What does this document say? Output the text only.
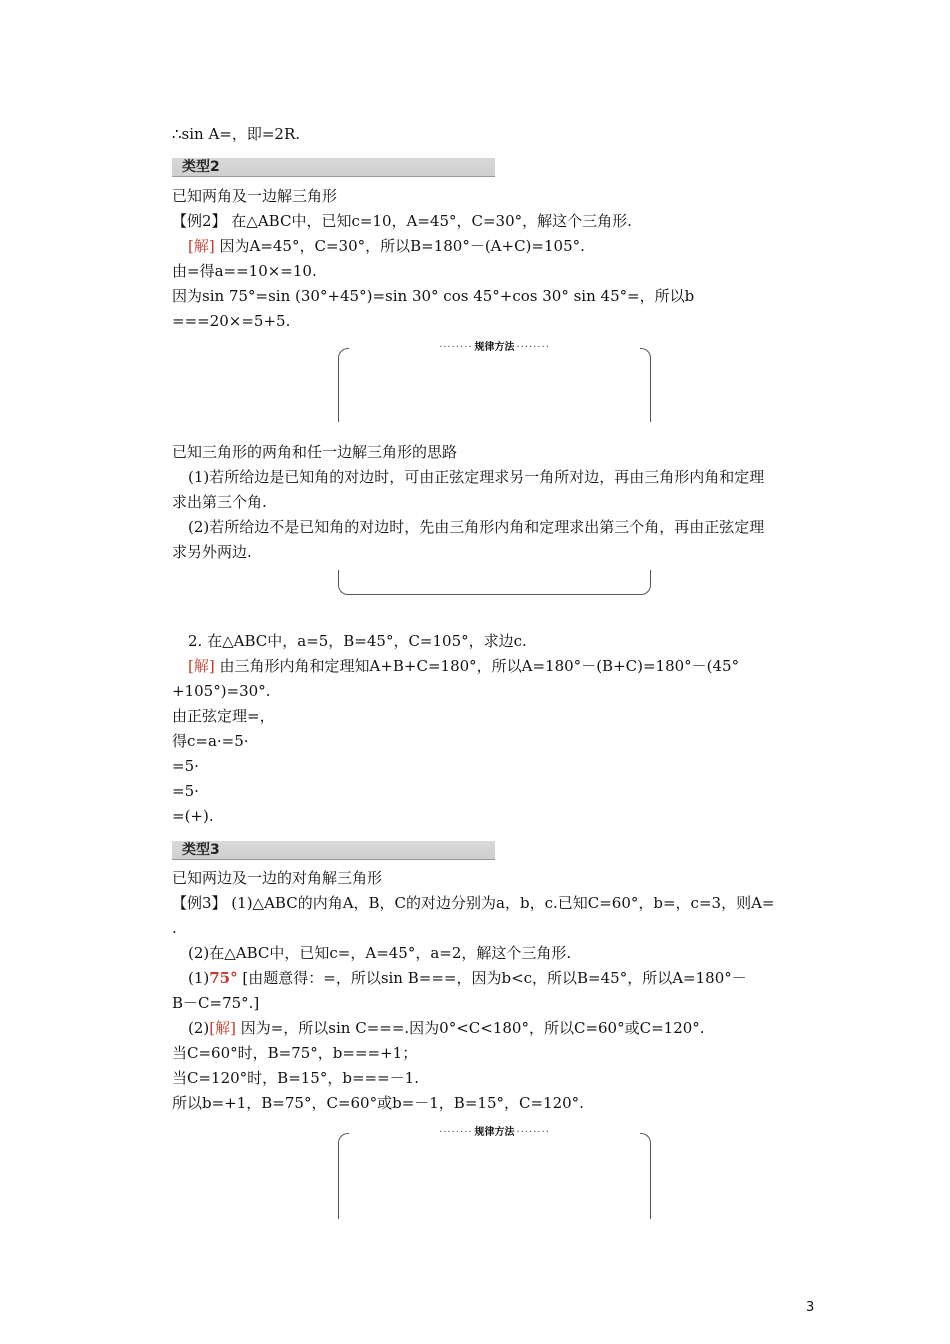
∴sin A=，即=2R.
类型2
已知两角及一边解三角形
【例2】 在△ABC中，已知c=10，A=45°，C=30°，解这个三角形.
[解] 因为A=45°，C=30°，所以B=180°－(A+C)=105°.
由=得a==10×=10.
因为sin 75°=sin (30°+45°)=sin 30° cos 45°+cos 30° sin 45°=，所以b
===20×=5+5.
········ 规律方法 ········
已知三角形的两角和任一边解三角形的思路
(1)若所给边是已知角的对边时，可由正弦定理求另一角所对边，再由三角形内角和定理
求出第三个角.
(2)若所给边不是已知角的对边时，先由三角形内角和定理求出第三个角，再由正弦定理
求另外两边.
2. 在△ABC中，a=5，B=45°，C=105°，求边c.
[解] 由三角形内角和定理知A+B+C=180°，所以A=180°－(B+C)=180°－(45°
+105°)=30°.
由正弦定理=，
得c=a·=5·
=5·
=5·
=(+).
类型3
已知两边及一边的对角解三角形
【例3】 (1)△ABC的内角A，B，C的对边分别为a，b，c.已知C=60°，b=，c=3，则A=
.
(2)在△ABC中，已知c=，A=45°，a=2，解这个三角形.
(1)75° [由题意得：=，所以sin B===，因为b<c，所以B=45°，所以A=180°－
B－C=75°.]
(2)[解] 因为=，所以sin C===.因为0°<C<180°，所以C=60°或C=120°.
当C=60°时，B=75°，b===+1；
当C=120°时，B=15°，b===－1.
所以b=+1，B=75°，C=60°或b=－1，B=15°，C=120°.
········ 规律方法 ········
3
